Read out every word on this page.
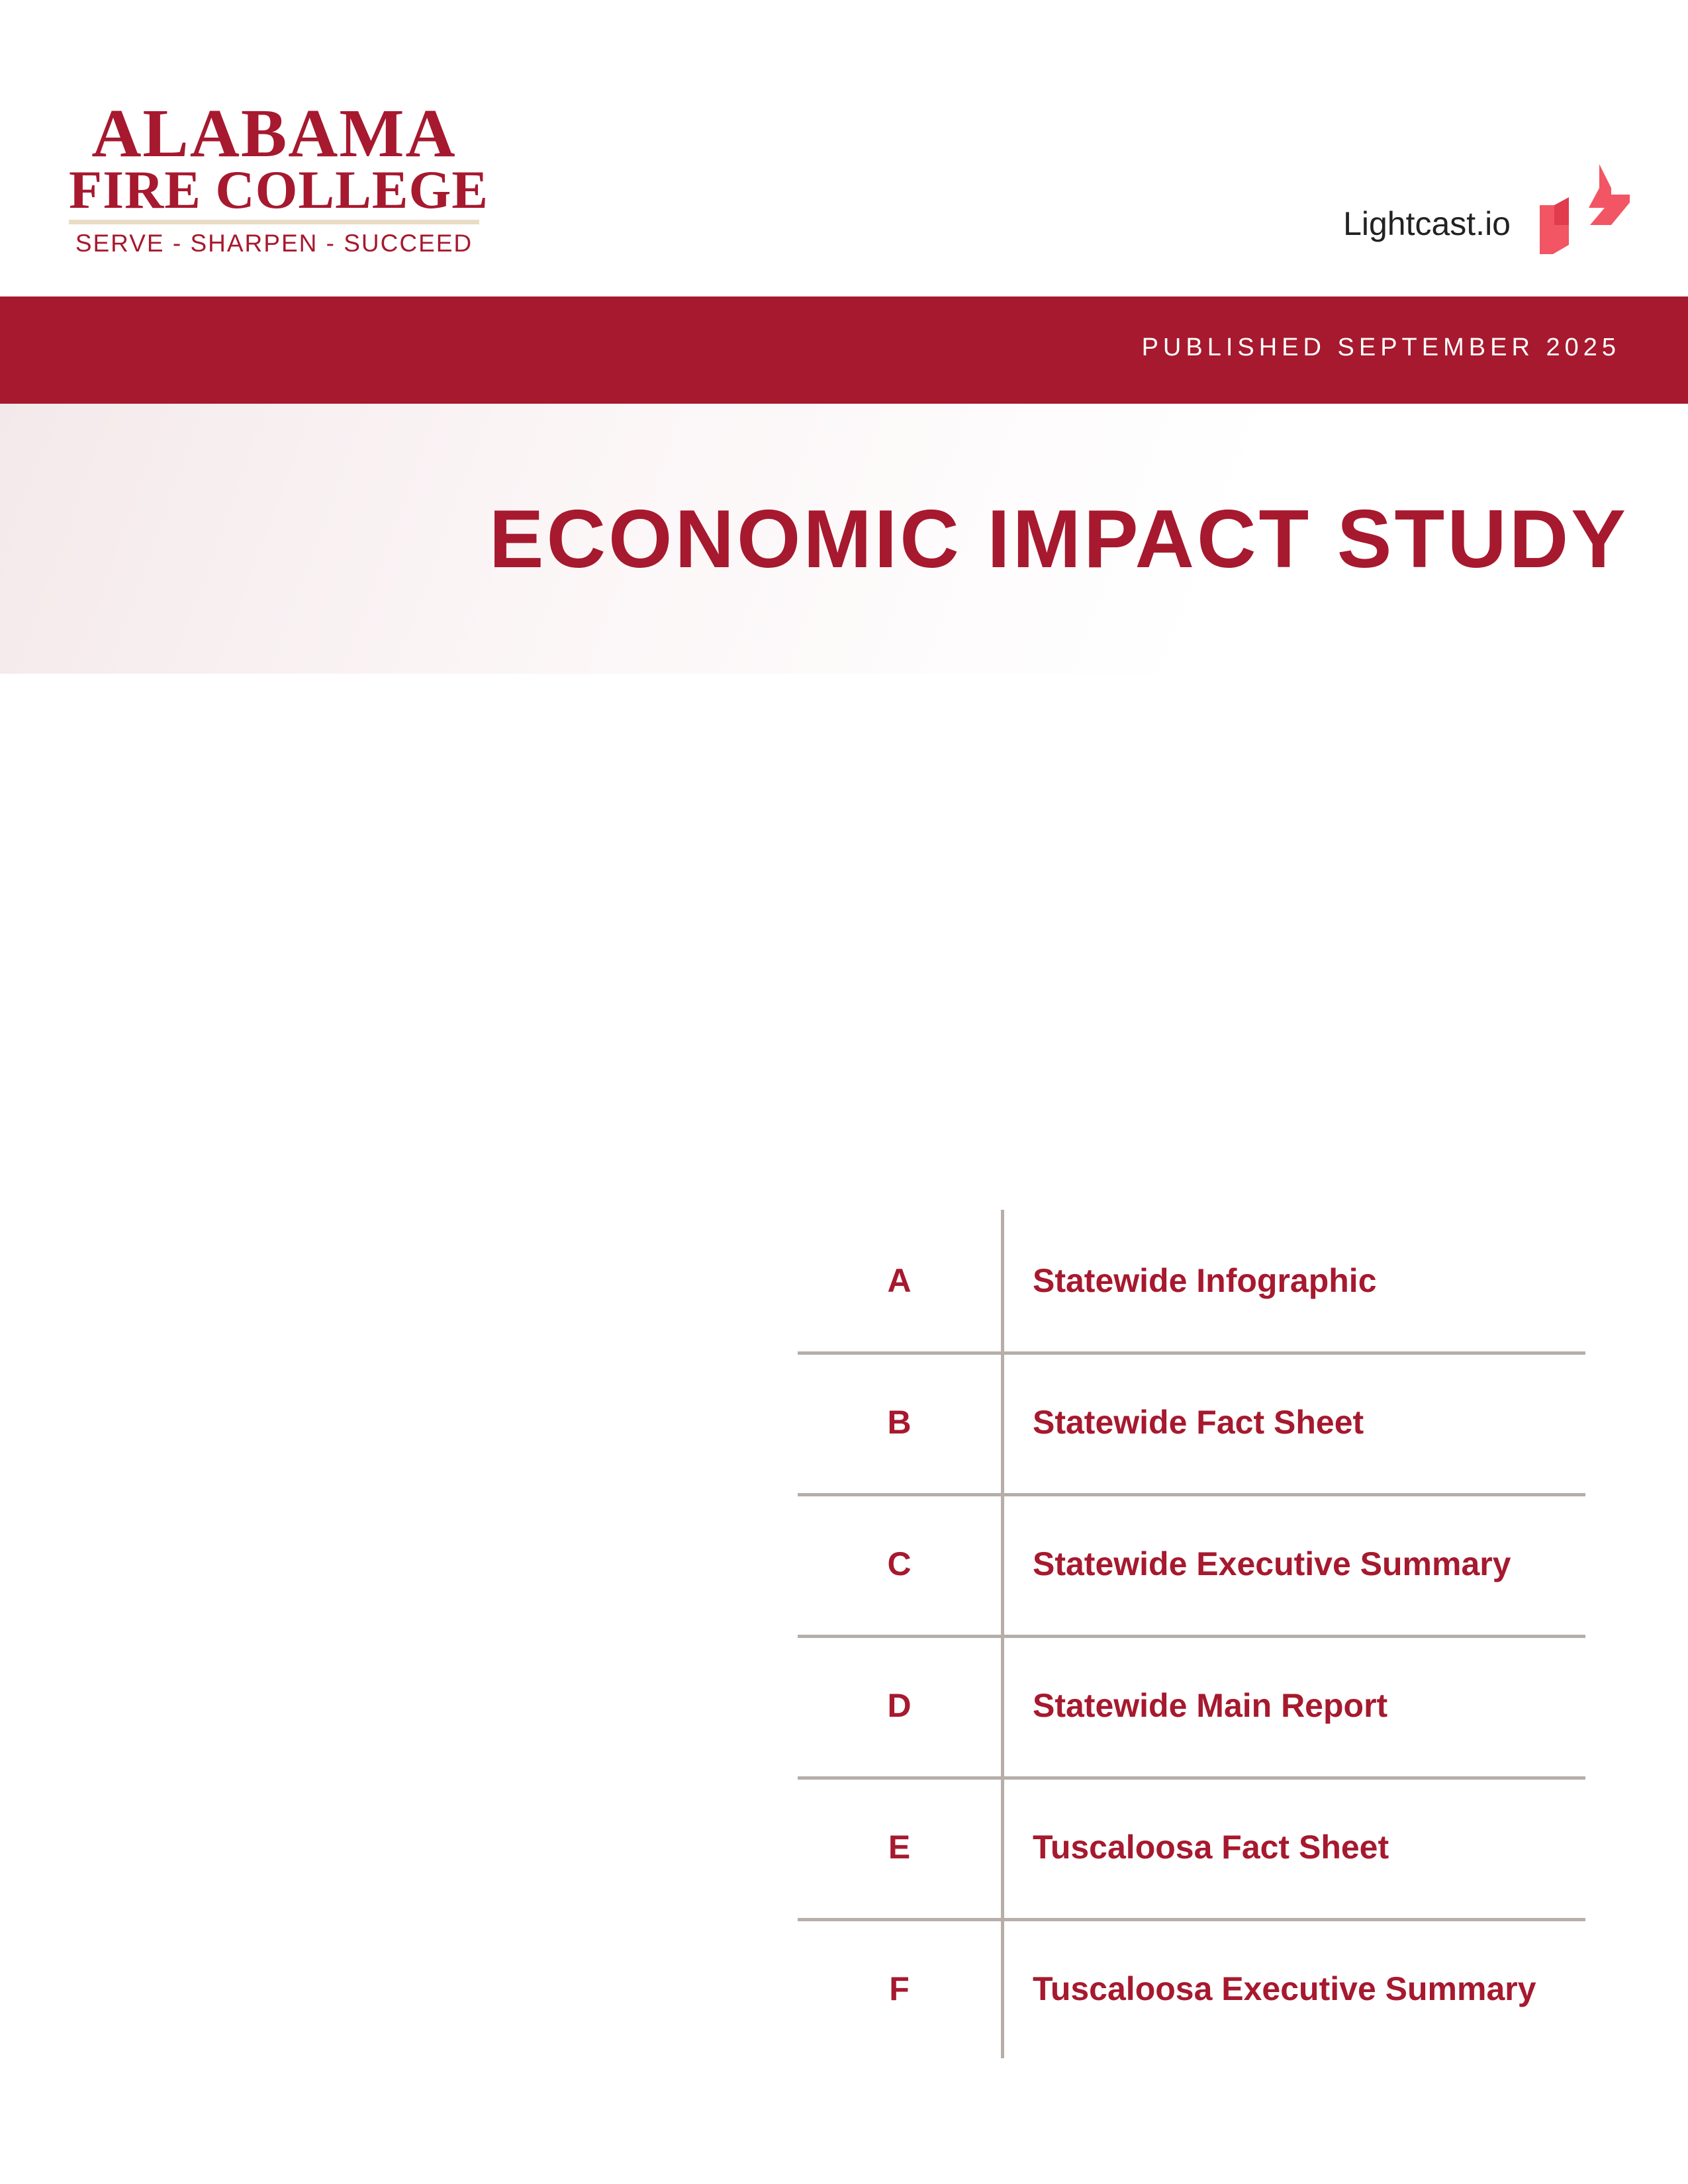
ALABAMA
FIRE COLLEGE
SERVE - SHARPEN - SUCCEED
Lightcast.io
PUBLISHED SEPTEMBER 2025
ECONOMIC IMPACT STUDY
A	Statewide Infographic
B	Statewide Fact Sheet
C	Statewide Executive Summary
D	Statewide Main Report
E	Tuscaloosa Fact Sheet
F	Tuscaloosa Executive Summary
